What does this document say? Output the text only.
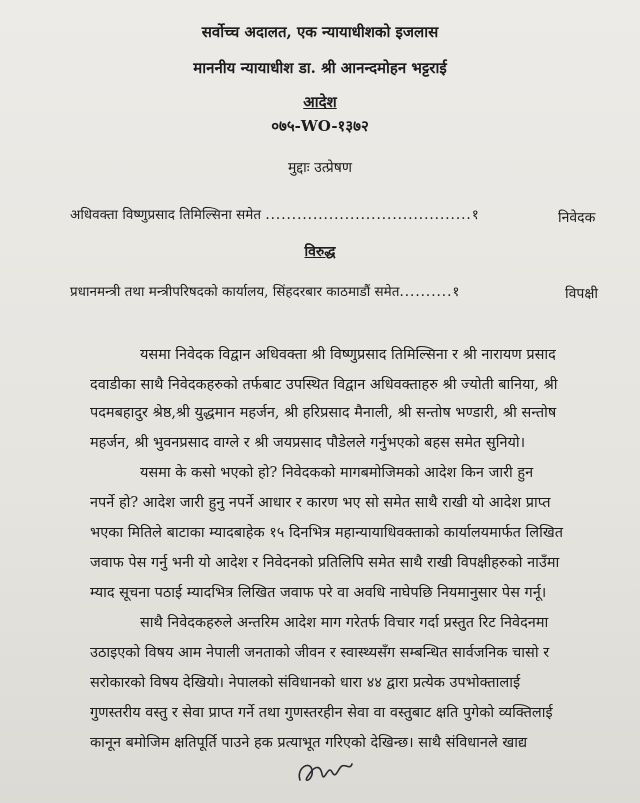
सर्वोच्च अदालत, एक न्यायाधीशको इजलास
माननीय न्यायाधीश डा. श्री आनन्दमोहन भट्टराई
आदेश
०७५-WO-१३७२
मुद्दाः उत्प्रेषण
अधिवक्ता विष्णुप्रसाद तिमिल्सिना समेत .......................................१	निवेदक
विरुद्ध
प्रधानमन्त्री तथा मन्त्रीपरिषदको कार्यालय, सिंहदरबार काठमाडौं समेत..........१	विपक्षी
यसमा निवेदक विद्वान अधिवक्ता श्री विष्णुप्रसाद तिमिल्सिना र श्री नारायण प्रसाद
दवाडीका साथै निवेदकहरुको तर्फबाट उपस्थित विद्वान अधिवक्ताहरु श्री ज्योती बानिया, श्री
पदमबहादुर श्रेष्ठ,श्री युद्धमान महर्जन, श्री हरिप्रसाद मैनाली, श्री सन्तोष भण्डारी, श्री सन्तोष
महर्जन, श्री भुवनप्रसाद वाग्ले र श्री जयप्रसाद पौडेलले गर्नुभएको बहस समेत सुनियो।
यसमा के कसो भएको हो? निवेदकको मागबमोजिमको आदेश किन जारी हुन
नपर्ने हो? आदेश जारी हुनु नपर्ने आधार र कारण भए सो समेत साथै राखी यो आदेश प्राप्त
भएका मितिले बाटाका म्यादबाहेक १५ दिनभित्र महान्यायाधिवक्ताको कार्यालयमार्फत लिखित
जवाफ पेस गर्नु भनी यो आदेश र निवेदनको प्रतिलिपि समेत साथै राखी विपक्षीहरुको नाउँमा
म्याद सूचना पठाई म्यादभित्र लिखित जवाफ परे वा अवधि नाघेपछि नियमानुसार पेस गर्नू।
साथै निवेदकहरुले अन्तरिम आदेश माग गरेतर्फ विचार गर्दा प्रस्तुत रिट निवेदनमा
उठाइएको विषय आम नेपाली जनताको जीवन र स्वास्थ्यसँग सम्बन्धित सार्वजनिक चासो र
सरोकारको विषय देखियो। नेपालको संविधानको धारा ४४ द्वारा प्रत्येक उपभोक्तालाई
गुणस्तरीय वस्तु र सेवा प्राप्त गर्ने तथा गुणस्तरहीन सेवा वा वस्तुबाट क्षति पुगेको व्यक्तिलाई
कानून बमोजिम क्षतिपूर्ति पाउने हक प्रत्याभूत गरिएको देखिन्छ। साथै संविधानले खाद्य
